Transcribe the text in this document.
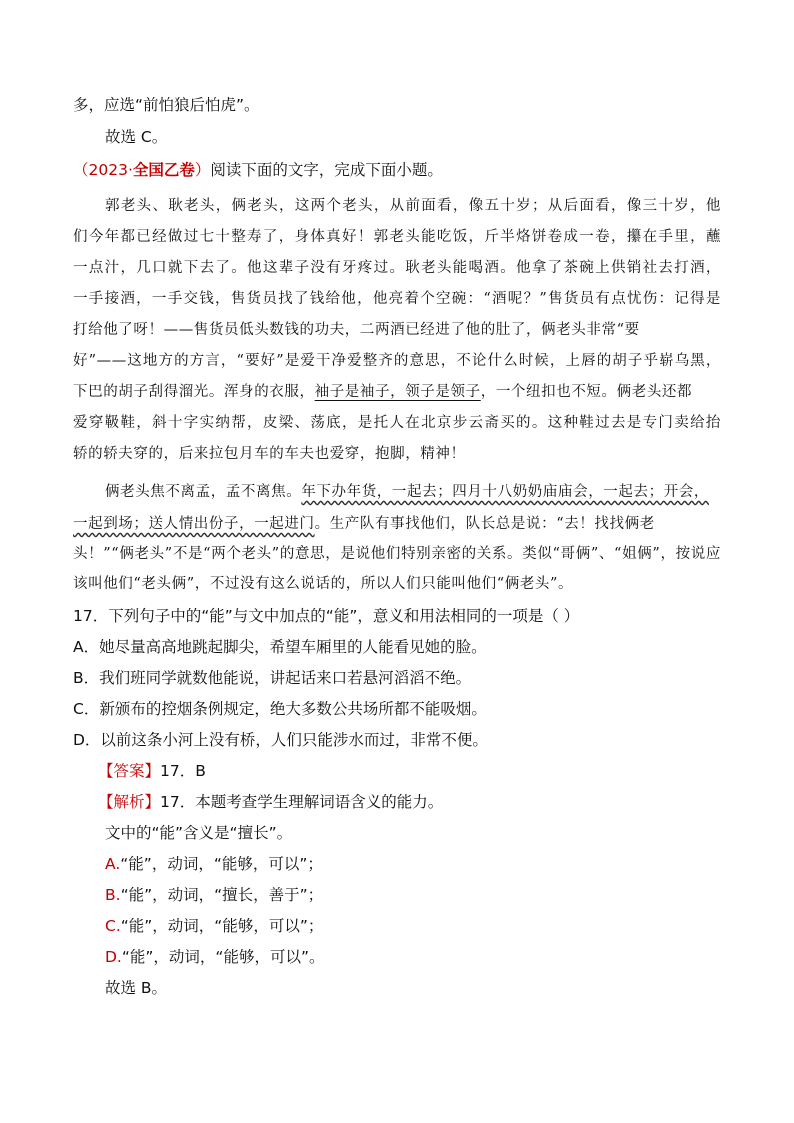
多，应选“前怕狼后怕虎”。
故选 C。
（2023·全国乙卷）阅读下面的文字，完成下面小题。
郭老头、耿老头，俩老头，这两个老头，从前面看，像五十岁；从后面看，像三十岁，他
们今年都已经做过七十整寿了，身体真好！郭老头能吃饭，斤半烙饼卷成一卷，攥在手里，蘸
一点汁，几口就下去了。他这辈子没有牙疼过。耿老头能喝酒。他拿了茶碗上供销社去打酒，
一手接酒，一手交钱，售货员找了钱给他，他亮着个空碗：“酒呢？”售货员有点忧伤：记得是
打给他了呀！——售货员低头数钱的功夫，二两酒已经进了他的肚了，俩老头非常“要
好”——这地方的方言，“要好”是爱干净爱整齐的意思，不论什么时候，上唇的胡子乎崭乌黑，
下巴的胡子刮得溜光。浑身的衣服，袖子是袖子，领子是领子，一个纽扣也不短。俩老头还都
爱穿靸鞋，斜十字实纳帮，皮梁、荡底，是托人在北京步云斋买的。这种鞋过去是专门卖给抬
轿的轿夫穿的，后来拉包月车的车夫也爱穿，抱脚，精神！
俩老头焦不离孟，孟不离焦。年下办年货，一起去；四月十八奶奶庙庙会，一起去；开会，
一起到场；送人情出份子，一起进门。生产队有事找他们，队长总是说：“去！找找俩老
头！”“俩老头”不是“两个老头”的意思，是说他们特别亲密的关系。类似“哥俩”、“姐俩”，按说应
该叫他们“老头俩”，不过没有这么说话的，所以人们只能叫他们“俩老头”。
17．下列句子中的“能”与文中加点的“能”，意义和用法相同的一项是（ ）
A．她尽量高高地跳起脚尖，希望车厢里的人能看见她的脸。
B．我们班同学就数他能说，讲起话来口若悬河滔滔不绝。
C．新颁布的控烟条例规定，绝大多数公共场所都不能吸烟。
D．以前这条小河上没有桥，人们只能涉水而过，非常不便。
【答案】17．B
【解析】17．本题考查学生理解词语含义的能力。
文中的“能”含义是“擅长”。
A.“能”，动词，“能够，可以”；
B.“能”，动词，“擅长，善于”；
C.“能”，动词，“能够，可以”；
D.“能”，动词，“能够，可以”。
故选 B。
